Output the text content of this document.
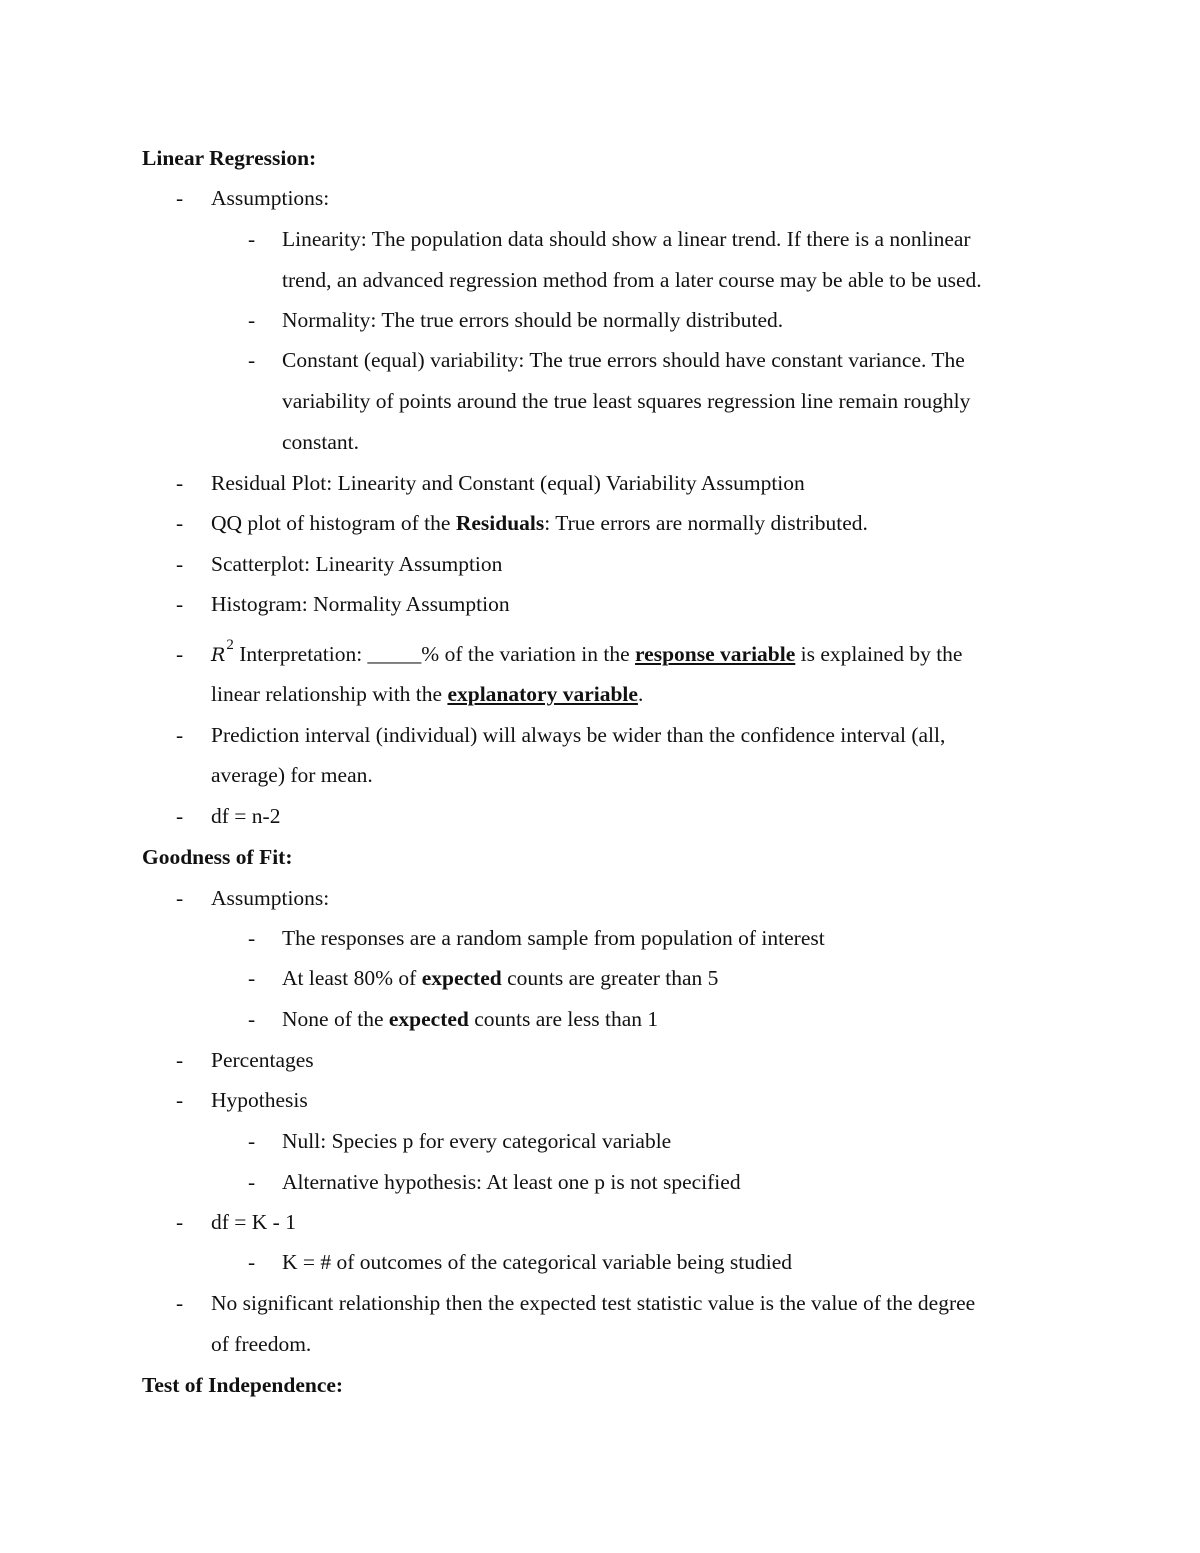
Linear Regression:
- Assumptions:
- Linearity: The population data should show a linear trend. If there is a nonlinear
trend, an advanced regression method from a later course may be able to be used.
- Normality: The true errors should be normally distributed.
- Constant (equal) variability: The true errors should have constant variance. The
variability of points around the true least squares regression line remain roughly
constant.
- Residual Plot: Linearity and Constant (equal) Variability Assumption
- QQ plot of histogram of the Residuals: True errors are normally distributed.
- Scatterplot: Linearity Assumption
- Histogram: Normality Assumption
- $R^2$ Interpretation: _____% of the variation in the response variable is explained by the
linear relationship with the explanatory variable.
- Prediction interval (individual) will always be wider than the confidence interval (all,
average) for mean.
- df = n-2
Goodness of Fit:
- Assumptions:
- The responses are a random sample from population of interest
- At least 80% of expected counts are greater than 5
- None of the expected counts are less than 1
- Percentages
- Hypothesis
- Null: Species p for every categorical variable
- Alternative hypothesis: At least one p is not specified
- df = K - 1
- K = # of outcomes of the categorical variable being studied
- No significant relationship then the expected test statistic value is the value of the degree
of freedom.
Test of Independence:
